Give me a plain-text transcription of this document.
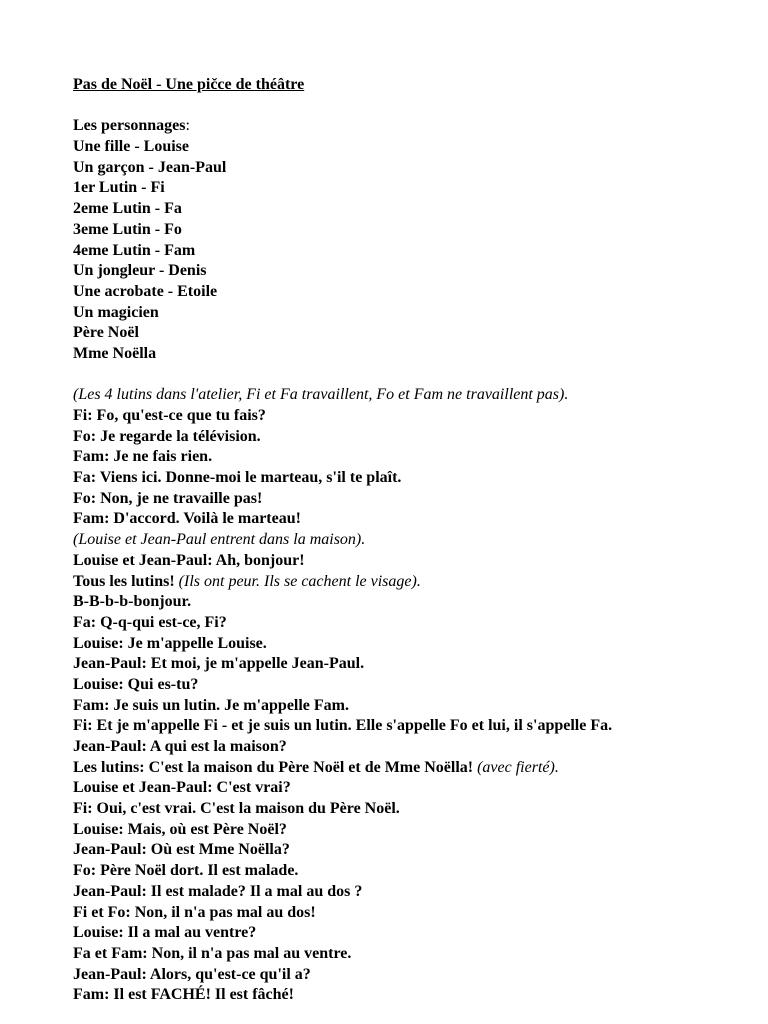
Pas de Noël - Une pičce de théâtre
Les personnages:
Une fille - Louise
Un garçon - Jean-Paul
1er Lutin - Fi
2eme Lutin - Fa
3eme Lutin - Fo
4eme Lutin - Fam
Un jongleur - Denis
Une acrobate - Etoile
Un magicien
Père Noël
Mme Noëlla
(Les 4 lutins dans l'atelier, Fi et Fa travaillent, Fo et Fam ne travaillent pas).
Fi: Fo, qu'est-ce que tu fais?
Fo: Je regarde la télévision.
Fam: Je ne fais rien.
Fa: Viens ici. Donne-moi le marteau, s'il te plaît.
Fo: Non, je ne travaille pas!
Fam: D'accord. Voilà le marteau!
(Louise et Jean-Paul entrent dans la maison).
Louise et Jean-Paul: Ah, bonjour!
Tous les lutins! (Ils ont peur. Ils se cachent le visage).
B-B-b-b-bonjour.
Fa: Q-q-qui est-ce, Fi?
Louise: Je m'appelle Louise.
Jean-Paul: Et moi, je m'appelle Jean-Paul.
Louise: Qui es-tu?
Fam: Je suis un lutin. Je m'appelle Fam.
Fi: Et je m'appelle Fi - et je suis un lutin. Elle s'appelle Fo et lui, il s'appelle Fa.
Jean-Paul: A qui est la maison?
Les lutins: C'est la maison du Père Noël et de Mme Noëlla! (avec fierté).
Louise et Jean-Paul: C'est vrai?
Fi: Oui, c'est vrai. C'est la maison du Père Noël.
Louise: Mais, où est Père Noël?
Jean-Paul: Où est Mme Noëlla?
Fo: Père Noël dort. Il est malade.
Jean-Paul: Il est malade? Il a mal au dos ?
Fi et Fo: Non, il n'a pas mal au dos!
Louise: Il a mal au ventre?
Fa et Fam: Non, il n'a pas mal au ventre.
Jean-Paul: Alors, qu'est-ce qu'il a?
Fam: Il est FACHÉ! Il est fâché!
